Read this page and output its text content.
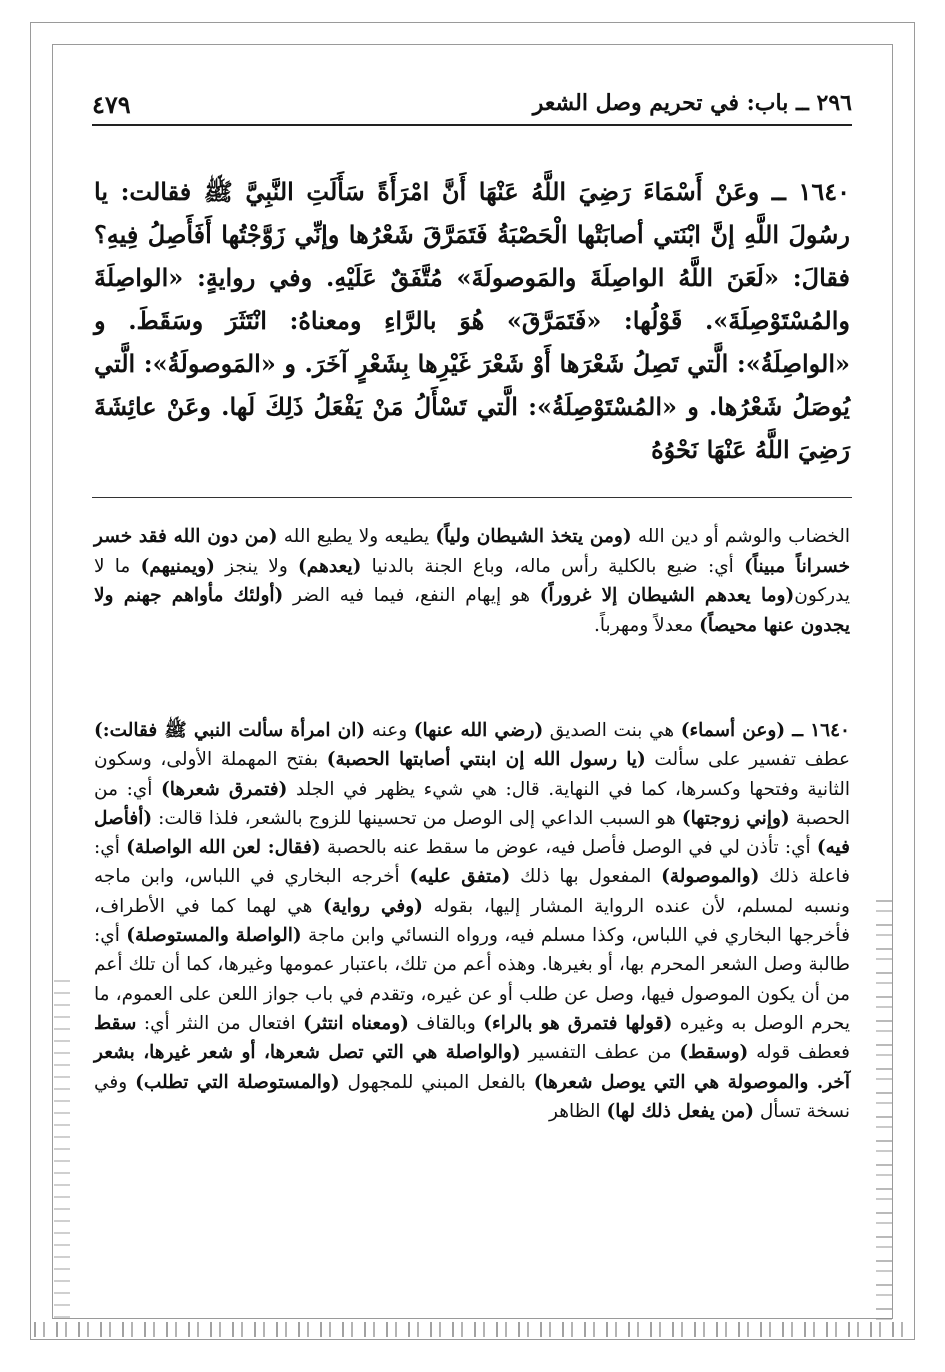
٤٧٩	٢٩٦ ــ باب: في تحريم وصل الشعر

١٦٤٠ ــ وعَنْ أَسْمَاءَ رَضِيَ اللَّهُ عَنْهَا أَنَّ امْرَأَةً سَأَلَتِ النَّبِيَّ ﷺ فقالت: يا رسُولَ اللَّهِ إنَّ ابْنَتي أصابَتْها الْحَصْبَةُ فَتَمَرَّقَ شَعْرُها وإنِّي زَوَّجْتُها أَفَأَصِلُ فِيهِ؟ فقالَ: «لَعَنَ اللَّهُ الواصِلَةَ والمَوصولَةَ» مُتَّفَقٌ عَلَيْهِ. وفي روايةٍ: «الواصِلَةَ والمُسْتَوْصِلَةَ». قَوْلُها: «فَتَمَرَّقَ» هُوَ بالرَّاءِ ومعناهُ: انْتَثَرَ وسَقَطَ. و «الواصِلَةُ»: الَّتي تَصِلُ شَعْرَها أَوْ شَعْرَ غَيْرِها بِشَعْرٍ آخَرَ. و «المَوصولَةُ»: الَّتي يُوصَلُ شَعْرُها. و «المُسْتَوْصِلَةُ»: الَّتي تَسْأَلُ مَنْ يَفْعَلُ ذَلِكَ لَها. وعَنْ عائِشَةَ رَضِيَ اللَّهُ عَنْهَا نَحْوُهُ

الخضاب والوشم أو دين الله (ومن يتخذ الشيطان ولياً) يطيعه ولا يطيع الله (من دون الله فقد خسر خسراناً مبيناً) أي: ضيع بالكلية رأس ماله، وباع الجنة بالدنيا (يعدهم) ولا ينجز (ويمنيهم) ما لا يدركون(وما يعدهم الشيطان إلا غروراً) هو إيهام النفع، فيما فيه الضر (أولئك مأواهم جهنم ولا يجدون عنها محيصاً) معدلاً ومهرباً.

١٦٤٠ ــ (وعن أسماء) هي بنت الصديق (رضي الله عنها) وعنه (ان امرأة سألت النبي ﷺ فقالت:) عطف تفسير على سألت (يا رسول الله إن ابنتي أصابتها الحصبة) بفتح المهملة الأولى، وسكون الثانية وفتحها وكسرها، كما في النهاية. قال: هي شيء يظهر في الجلد (فتمرق شعرها) أي: من الحصبة (وإني زوجتها) هو السبب الداعي إلى الوصل من تحسينها للزوج بالشعر، فلذا قالت: (أفأصل فيه) أي: تأذن لي في الوصل فأصل فيه، عوض ما سقط عنه بالحصبة (فقال: لعن الله الواصلة) أي: فاعلة ذلك (والموصولة) المفعول بها ذلك (متفق عليه) أخرجه البخاري في اللباس، وابن ماجه ونسبه لمسلم، لأن عنده الرواية المشار إليها، بقوله (وفي رواية) هي لهما كما في الأطراف، فأخرجها البخاري في اللباس، وكذا مسلم فيه، ورواه النسائي وابن ماجة (الواصلة والمستوصلة) أي: طالبة وصل الشعر المحرم بها، أو بغيرها. وهذه أعم من تلك، باعتبار عمومها وغيرها، كما أن تلك أعم من أن يكون الموصول فيها، وصل عن طلب أو عن غيره، وتقدم في باب جواز اللعن على العموم، ما يحرم الوصل به وغيره (قولها فتمرق هو بالراء) وبالقاف (ومعناه انتثر) افتعال من النثر أي: سقط فعطف قوله (وسقط) من عطف التفسير (والواصلة هي التي تصل شعرها، أو شعر غيرها، بشعر آخر. والموصولة هي التي يوصل شعرها) بالفعل المبني للمجهول (والمستوصلة التي تطلب) وفي نسخة تسأل (من يفعل ذلك لها) الظاهر
